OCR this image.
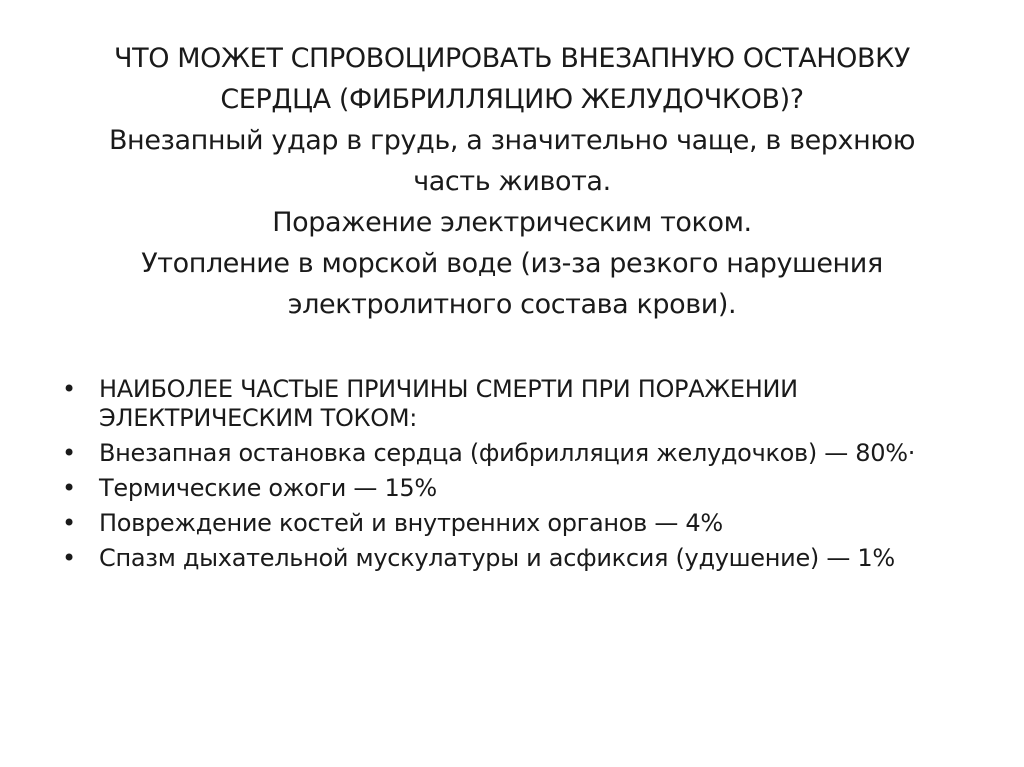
ЧТО МОЖЕТ СПРОВОЦИРОВАТЬ ВНЕЗАПНУЮ ОСТАНОВКУ
СЕРДЦА (ФИБРИЛЛЯЦИЮ ЖЕЛУДОЧКОВ)?
Внезапный удар в грудь, а значительно чаще, в верхнюю
часть живота.
Поражение электрическим током.
Утопление в морской воде (из-за резкого нарушения
электролитного состава крови).
• НАИБОЛЕЕ ЧАСТЫЕ ПРИЧИНЫ СМЕРТИ ПРИ ПОРАЖЕНИИ ЭЛЕКТРИЧЕСКИМ ТОКОМ:
• Внезапная остановка сердца (фибрилляция желудочков) — 80%·
• Термические ожоги — 15%
• Повреждение костей и внутренних органов — 4%
• Спазм дыхательной мускулатуры и асфиксия (удушение) — 1%
